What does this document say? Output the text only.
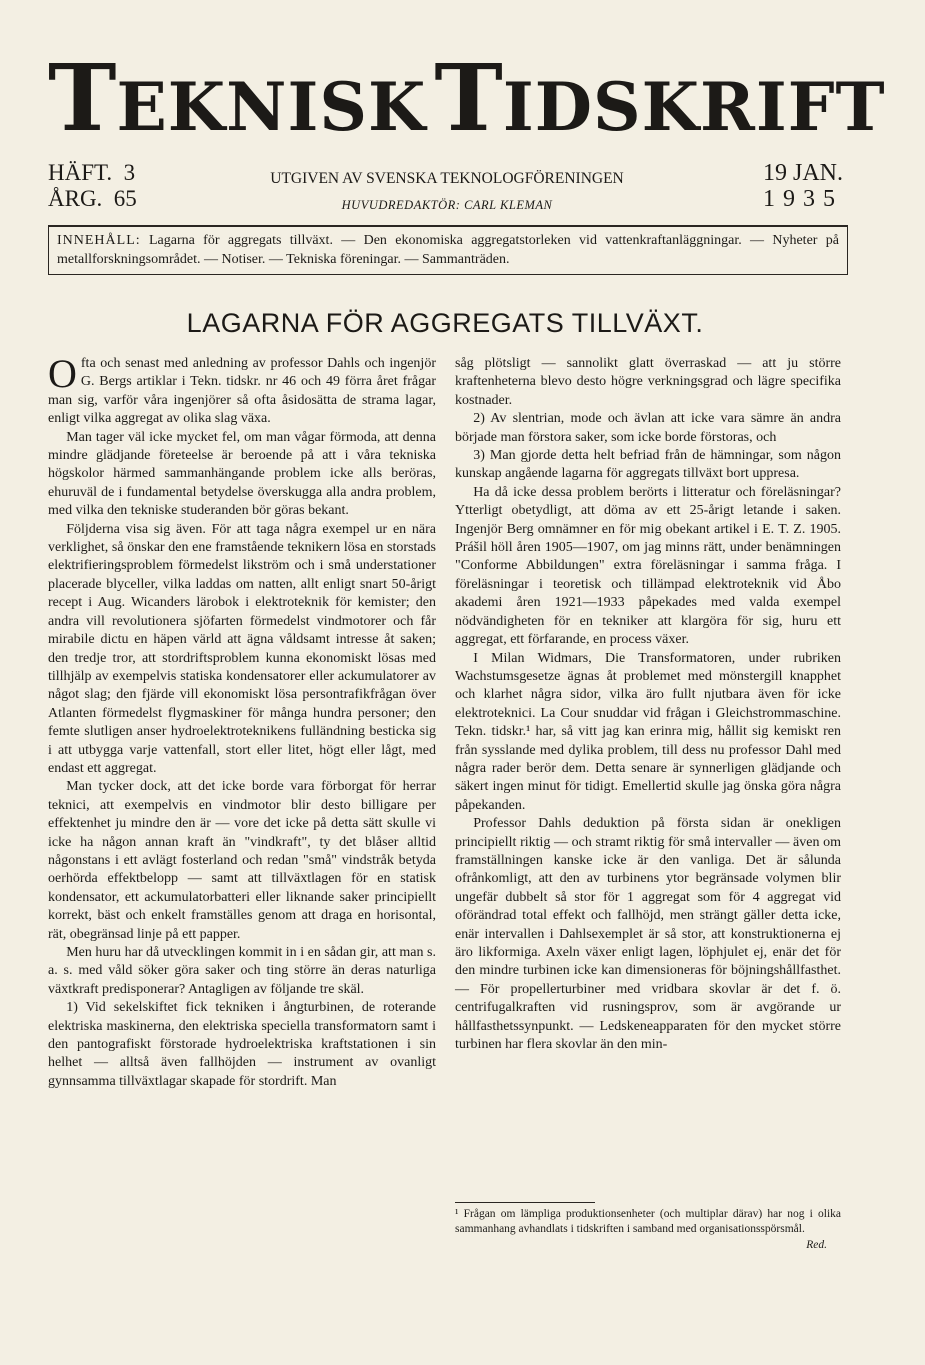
TEKNISKTIDSKRIFT
HÄFT.  3
ÅRG.  65
UTGIVEN AV SVENSKA TEKNOLOGFÖRENINGEN
HUVUDREDAKTÖR: CARL KLEMAN
19 JAN.
1935
INNEHÅLL: Lagarna för aggregats tillväxt. — Den ekonomiska aggregatstorleken vid vattenkraftanläggningar. — Nyheter på metallforskningsområdet. — Notiser. — Tekniska föreningar. — Sammanträden.
LAGARNA FÖR AGGREGATS TILLVÄXT.

Ofta och senast med anledning av professor Dahls och ingenjör G. Bergs artiklar i Tekn. tidskr. nr 46 och 49 förra året frågar man sig, varför våra ingenjörer så ofta åsidosätta de strama lagar, enligt vilka aggregat av olika slag växa.

Man tager väl icke mycket fel, om man vågar förmoda, att denna mindre glädjande företeelse är beroende på att i våra tekniska högskolor härmed sammanhängande problem icke alls beröras, ehuruväl de i fundamental betydelse överskugga alla andra problem, med vilka den tekniske studeranden bör göras bekant.

Följderna visa sig även. För att taga några exempel ur en nära verklighet, så önskar den ene framstående teknikern lösa en storstads elektrifieringsproblem förmedelst likström och i små understationer placerade blyceller, vilka laddas om natten, allt enligt snart 50-årigt recept i Aug. Wicanders lärobok i elektroteknik för kemister; den andra vill revolutionera sjöfarten förmedelst vindmotorer och får mirabile dictu en häpen värld att ägna våldsamt intresse åt saken; den tredje tror, att stordriftsproblem kunna ekonomiskt lösas med tillhjälp av exempelvis statiska kondensatorer eller ackumulatorer av något slag; den fjärde vill ekonomiskt lösa persontrafikfrågan över Atlanten förmedelst flygmaskiner för många hundra personer; den femte slutligen anser hydroelektroteknikens fulländning besticka sig i att utbygga varje vattenfall, stort eller litet, högt eller lågt, med endast ett aggregat.

Man tycker dock, att det icke borde vara förborgat för herrar teknici, att exempelvis en vindmotor blir desto billigare per effektenhet ju mindre den är — vore det icke på detta sätt skulle vi icke ha någon annan kraft än "vindkraft", ty det blåser alltid någonstans i ett avlägt fosterland och redan "små" vindstråk betyda oerhörda effektbelopp — samt att tillväxtlagen för en statisk kondensator, ett ackumulatorbatteri eller liknande saker principiellt korrekt, bäst och enkelt framställes genom att draga en horisontal, rät, obegränsad linje på ett papper.

Men huru har då utvecklingen kommit in i en sådan gir, att man s. a. s. med våld söker göra saker och ting större än deras naturliga växtkraft predisponerar? Antagligen av följande tre skäl.

1) Vid sekelskiftet fick tekniken i ångturbinen, de roterande elektriska maskinerna, den elektriska speciella transformatorn samt i den pantografiskt förstorade hydroelektriska kraftstationen i sin helhet — alltså även fallhöjden — instrument av ovanligt gynnsamma tillväxtlagar skapade för stordrift. Man

såg plötsligt — sannolikt glatt överraskad — att ju större kraftenheterna blevo desto högre verkningsgrad och lägre specifika kostnader.

2) Av slentrian, mode och ävlan att icke vara sämre än andra började man förstora saker, som icke borde förstoras, och

3) Man gjorde detta helt befriad från de hämningar, som någon kunskap angående lagarna för aggregats tillväxt bort uppresa.

Ha då icke dessa problem berörts i litteratur och föreläsningar? Ytterligt obetydligt, att döma av ett 25-årigt letande i saken. Ingenjör Berg omnämner en för mig obekant artikel i E. T. Z. 1905. Prášil höll åren 1905—1907, om jag minns rätt, under benämningen "Conforme Abbildungen" extra föreläsningar i samma fråga. I föreläsningar i teoretisk och tillämpad elektroteknik vid Åbo akademi åren 1921—1933 påpekades med valda exempel nödvändigheten för en tekniker att klargöra för sig, huru ett aggregat, ett förfarande, en process växer.

I Milan Widmars, Die Transformatoren, under rubriken Wachstumsgesetze ägnas åt problemet med mönstergill knapphet och klarhet några sidor, vilka äro fullt njutbara även för icke elektroteknici. La Cour snuddar vid frågan i Gleichstrommaschine. Tekn. tidskr.¹ har, så vitt jag kan erinra mig, hållit sig kemiskt ren från sysslande med dylika problem, till dess nu professor Dahl med några rader berör dem. Detta senare är synnerligen glädjande och säkert ingen minut för tidigt. Emellertid skulle jag önska göra några påpekanden.

Professor Dahls deduktion på första sidan är onekligen principiellt riktig — och stramt riktig för små intervaller — även om framställningen kanske icke är den vanliga. Det är sålunda ofrånkomligt, att den av turbinens ytor begränsade volymen blir ungefär dubbelt så stor för 1 aggregat som för 4 aggregat vid oförändrad total effekt och fallhöjd, men strängt gäller detta icke, enär intervallen i Dahlsexemplet är så stor, att konstruktionerna ej äro likformiga. Axeln växer enligt lagen, löphjulet ej, enär det för den mindre turbinen icke kan dimensioneras för böjningshållfasthet. — För propellerturbiner med vridbara skovlar är det f. ö. centrifugalkraften vid rusningsprov, som är avgörande ur hållfasthetssynpunkt. — Ledskeneapparaten för den mycket större turbinen har flera skovlar än den min-

¹ Frågan om lämpliga produktionsenheter (och multiplar därav) har nog i olika sammanhang avhandlats i tidskriften i samband med organisationsspörsmål.
Red.
